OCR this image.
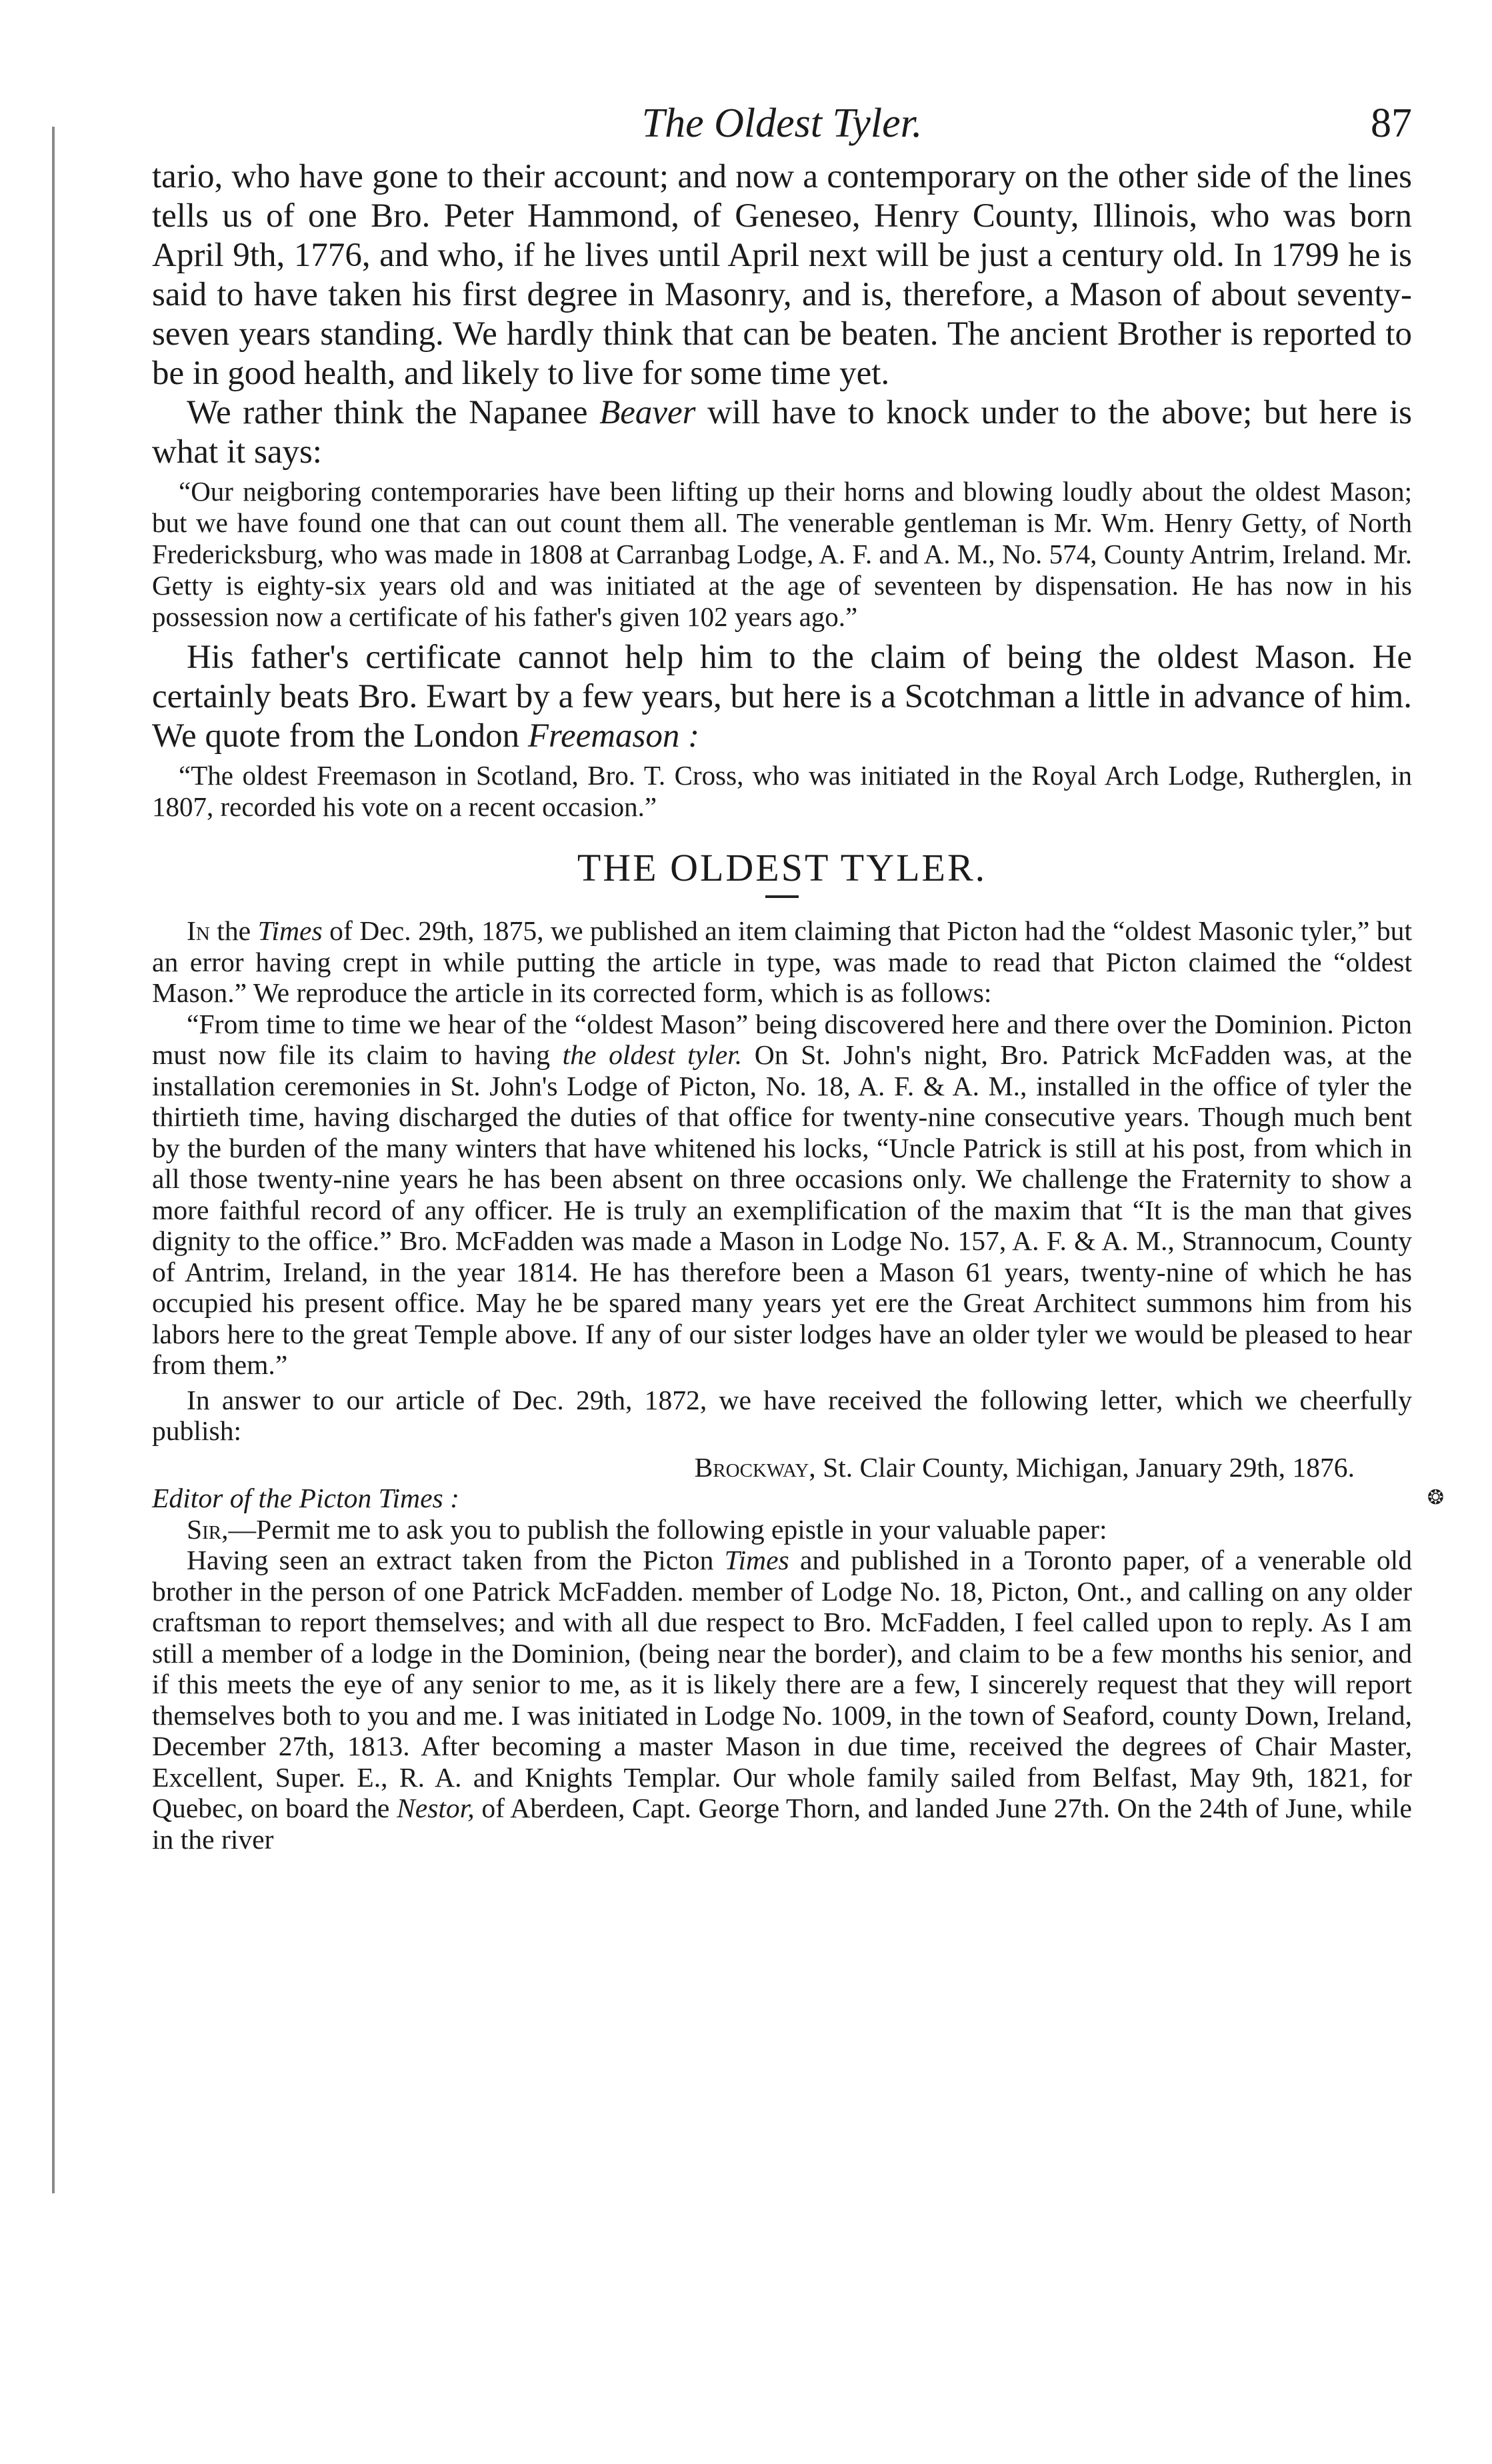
The Oldest Tyler.	87

tario, who have gone to their account; and now a contemporary on the other side of the lines tells us of one Bro. Peter Hammond, of Geneseo, Henry County, Illinois, who was born April 9th, 1776, and who, if he lives until April next will be just a century old. In 1799 he is said to have taken his first degree in Masonry, and is, therefore, a Mason of about seventy-seven years standing. We hardly think that can be beaten. The ancient Brother is reported to be in good health, and likely to live for some time yet.

We rather think the Napanee Beaver will have to knock under to the above; but here is what it says:

“Our neigboring contemporaries have been lifting up their horns and blowing loudly about the oldest Mason; but we have found one that can out count them all. The venerable gentleman is Mr. Wm. Henry Getty, of North Fredericksburg, who was made in 1808 at Carranbag Lodge, A. F. and A. M., No. 574, County Antrim, Ireland. Mr. Getty is eighty-six years old and was initiated at the age of seventeen by dispensation. He has now in his possession now a certificate of his father's given 102 years ago.”

His father's certificate cannot help him to the claim of being the oldest Mason. He certainly beats Bro. Ewart by a few years, but here is a Scotchman a little in advance of him. We quote from the London Freemason :

“The oldest Freemason in Scotland, Bro. T. Cross, who was initiated in the Royal Arch Lodge, Rutherglen, in 1807, recorded his vote on a recent occasion.”

THE OLDEST TYLER.

In the Times of Dec. 29th, 1875, we published an item claiming that Picton had the “oldest Masonic tyler,” but an error having crept in while putting the article in type, was made to read that Picton claimed the “oldest Mason.” We reproduce the article in its corrected form, which is as follows:

“From time to time we hear of the “oldest Mason” being discovered here and there over the Dominion. Picton must now file its claim to having the oldest tyler. On St. John's night, Bro. Patrick McFadden was, at the installation ceremonies in St. John's Lodge of Picton, No. 18, A. F. & A. M., installed in the office of tyler the thirtieth time, having discharged the duties of that office for twenty-nine consecutive years. Though much bent by the burden of the many winters that have whitened his locks, “Uncle Patrick is still at his post, from which in all those twenty-nine years he has been absent on three occasions only. We challenge the Fraternity to show a more faithful record of any officer. He is truly an exemplification of the maxim that “It is the man that gives dignity to the office.” Bro. McFadden was made a Mason in Lodge No. 157, A. F. & A. M., Strannocum, County of Antrim, Ireland, in the year 1814. He has therefore been a Mason 61 years, twenty-nine of which he has occupied his present office. May he be spared many years yet ere the Great Architect summons him from his labors here to the great Temple above. If any of our sister lodges have an older tyler we would be pleased to hear from them.”

In answer to our article of Dec. 29th, 1872, we have received the following letter, which we cheerfully publish:

Brockway, St. Clair County, Michigan, January 29th, 1876.

Editor of the Picton Times :	❂

Sir,—Permit me to ask you to publish the following epistle in your valuable paper:

Having seen an extract taken from the Picton Times and published in a Toronto paper, of a venerable old brother in the person of one Patrick McFadden. member of Lodge No. 18, Picton, Ont., and calling on any older craftsman to report themselves; and with all due respect to Bro. McFadden, I feel called upon to reply. As I am still a member of a lodge in the Dominion, (being near the border), and claim to be a few months his senior, and if this meets the eye of any senior to me, as it is likely there are a few, I sincerely request that they will report themselves both to you and me. I was initiated in Lodge No. 1009, in the town of Seaford, county Down, Ireland, December 27th, 1813. After becoming a master Mason in due time, received the degrees of Chair Master, Excellent, Super. E., R. A. and Knights Templar. Our whole family sailed from Belfast, May 9th, 1821, for Quebec, on board the Nestor, of Aberdeen, Capt. George Thorn, and landed June 27th. On the 24th of June, while in the river
